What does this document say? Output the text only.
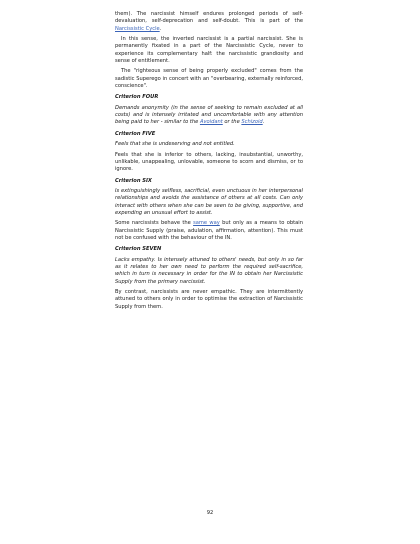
them). The narcissist himself endures prolonged periods of self-devaluation, self-deprecation and self-doubt. This is part of the Narcissistic Cycle.

In this sense, the inverted narcissist is a partial narcissist. She is permanently fixated in a part of the Narcissistic Cycle, never to experience its complementary half: the narcissistic grandiosity and sense of entitlement.

The "righteous sense of being properly excluded" comes from the sadistic Superego in concert with an "overbearing, externally reinforced, conscience".

Criterion FOUR

Demands anonymity (in the sense of seeking to remain excluded at all costs) and is intensely irritated and uncomfortable with any attention being paid to her - similar to the Avoidant or the Schizoid.

Criterion FIVE

Feels that she is undeserving and not entitled.

Feels that she is inferior to others, lacking, insubstantial, unworthy, unlikable, unappealing, unlovable, someone to scorn and dismiss, or to ignore.

Criterion SIX

Is extinguishingly selfless, sacrificial, even unctuous in her interpersonal relationships and avoids the assistance of others at all costs. Can only interact with others when she can be seen to be giving, supportive, and expending an unusual effort to assist.

Some narcissists behave the same way but only as a means to obtain Narcissistic Supply (praise, adulation, affirmation, attention). This must not be confused with the behaviour of the IN.

Criterion SEVEN

Lacks empathy. Is intensely attuned to others' needs, but only in so far as it relates to her own need to perform the required self-sacrifice, which in turn is necessary in order for the IN to obtain her Narcissistic Supply from the primary narcissist.

By contrast, narcissists are never empathic. They are intermittently attuned to others only in order to optimise the extraction of Narcissistic Supply from them.

92
